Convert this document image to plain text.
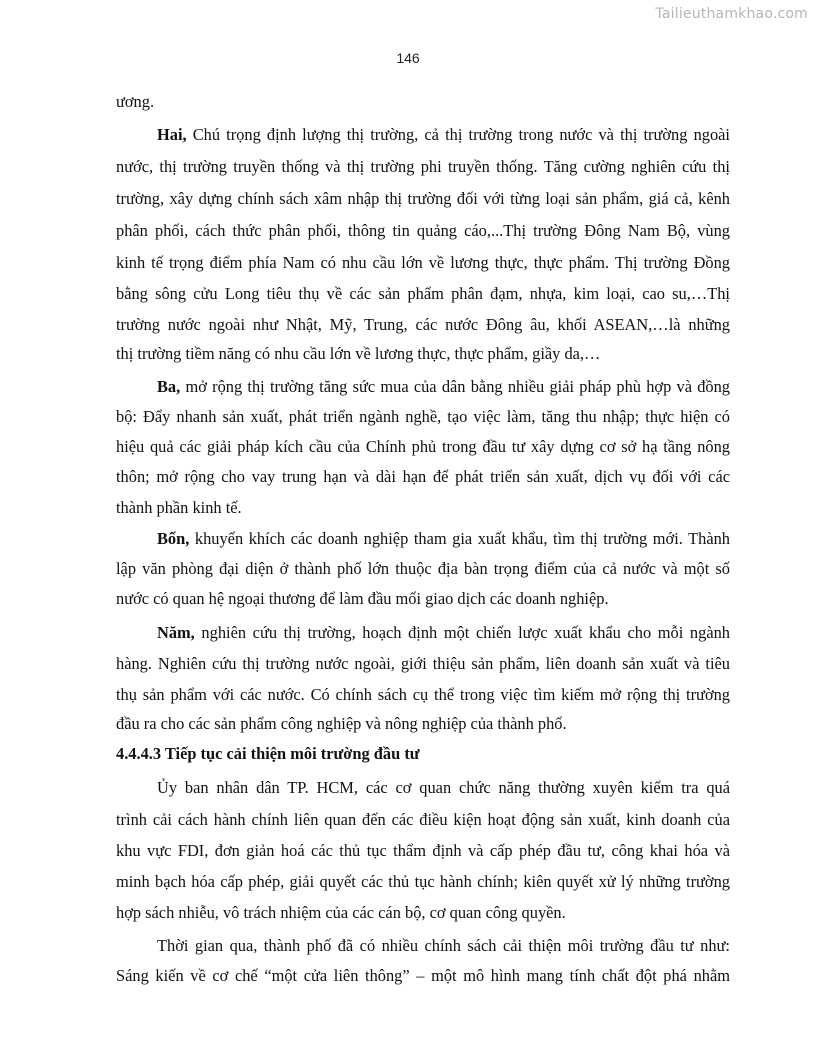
Tailieuthamkhao.com
146
ương.
Hai, Chú trọng định lượng thị trường, cả thị trường trong nước và thị trường ngoài
nước, thị trường truyền thống và thị trường phi truyền thống. Tăng cường nghiên cứu thị
trường, xây dựng chính sách xâm nhập thị trường đối với từng loại sản phẩm, giá cả, kênh
phân phối, cách thức phân phối, thông tin quảng cáo,...Thị trường Đông Nam Bộ, vùng
kinh tế trọng điểm phía Nam có nhu cầu lớn về lương thực, thực phẩm. Thị trường Đồng
bằng sông cửu Long tiêu thụ về các sản phẩm phân đạm, nhựa, kim loại, cao su,…Thị
trường nước ngoài như Nhật, Mỹ, Trung, các nước Đông âu, khối ASEAN,…là những
thị trường tiềm năng có nhu cầu lớn về lương thực, thực phẩm, giầy da,…
Ba, mở rộng thị trường tăng sức mua của dân bằng nhiều giải pháp phù hợp và đồng
bộ: Đẩy nhanh sản xuất, phát triển ngành nghề, tạo việc làm, tăng thu nhập; thực hiện có
hiệu quả các giải pháp kích cầu của Chính phủ trong đầu tư xây dựng cơ sở hạ tầng nông
thôn; mở rộng cho vay trung hạn và dài hạn để phát triển sản xuất, dịch vụ đối với các
thành phần kinh tế.
Bốn, khuyến khích các doanh nghiệp tham gia xuất khẩu, tìm thị trường mới. Thành
lập văn phòng đại diện ở thành phố lớn thuộc địa bàn trọng điểm của cả nước và một số
nước có quan hệ ngoại thương để làm đầu mối giao dịch các doanh nghiệp.
Năm, nghiên cứu thị trường, hoạch định một chiến lược xuất khẩu cho mỗi ngành
hàng. Nghiên cứu thị trường nước ngoài, giới thiệu sản phẩm, liên doanh sản xuất và tiêu
thụ sản phẩm với các nước. Có chính sách cụ thể trong việc tìm kiếm mở rộng thị trường
đầu ra cho các sản phẩm công nghiệp và nông nghiệp của thành phố.
4.4.4.3 Tiếp tục cải thiện môi trường đầu tư
Ủy ban nhân dân TP. HCM, các cơ quan chức năng thường xuyên kiểm tra quá
trình cải cách hành chính liên quan đến các điều kiện hoạt động sản xuất, kinh doanh của
khu vực FDI, đơn giản hoá các thủ tục thẩm định và cấp phép đầu tư, công khai hóa và
minh bạch hóa cấp phép, giải quyết các thủ tục hành chính; kiên quyết xử lý những trường
hợp sách nhiễu, vô trách nhiệm của các cán bộ, cơ quan công quyền.
Thời gian qua, thành phố đã có nhiều chính sách cải thiện môi trường đầu tư như:
Sáng kiến về cơ chế “một cửa liên thông” – một mô hình mang tính chất đột phá nhằm
